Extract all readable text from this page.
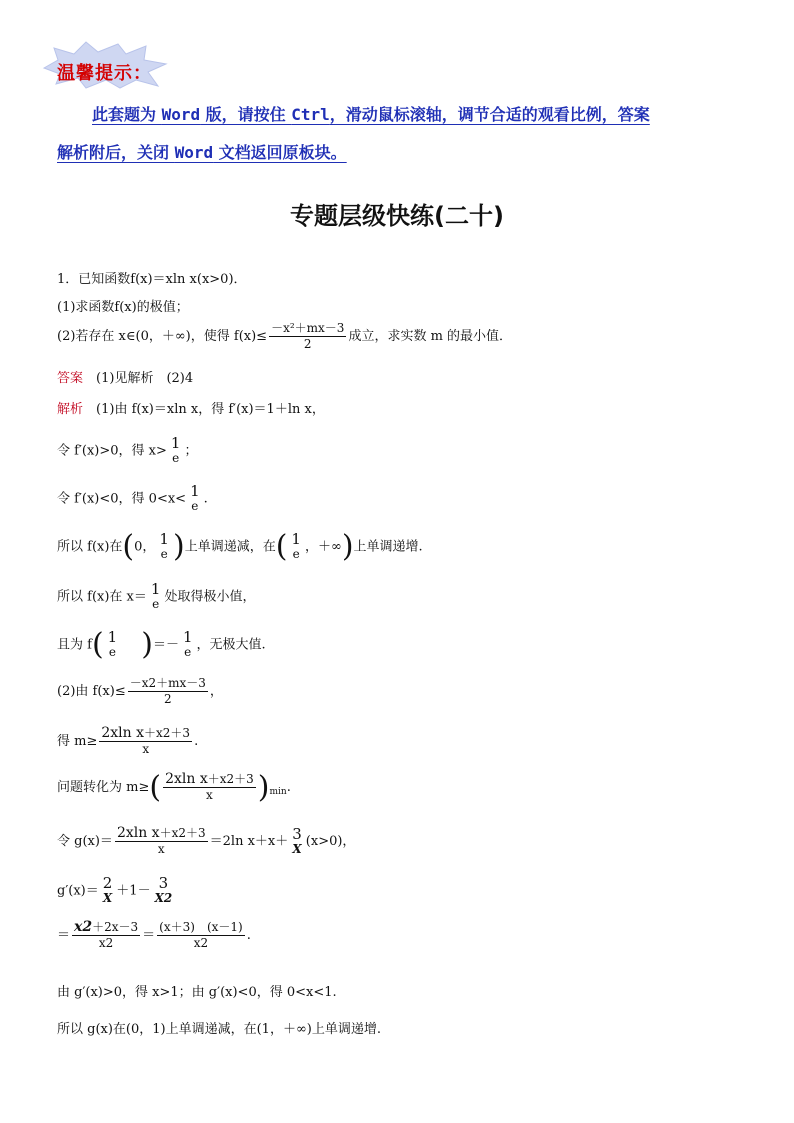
温馨提示：
此套题为 Word 版，请按住 Ctrl，滑动鼠标滚轴，调节合适的观看比例，答案
解析附后，关闭 Word 文档返回原板块。
专题层级快练(二十)
1．已知函数f(x)＝xln x(x>0)．
(1)求函数f(x)的极值；
(2)若存在 x∈(0，＋∞)，使得 $f(x)\le \frac{\text{－x²＋mx－3}}{2}$ 成立，求实数 m 的最小值．
答案　 (1)见解析　(2)4
解析　 (1)由 f(x)＝xln x，得 f′(x)＝1＋ln x，
令 f′(x)>0，得 x> 1
e ；
令 f′(x)<0，得 0<x< 1
e .
所以 f(x)在(0， 1
e )上单调递减，在( 1
e ，＋∞)上单调递增.
所以 f(x)在 x＝ 1
e 处取得极小值，
且为 f( 1
e )＝－ 1
e ，无极大值.
(2)由 $f(x)\le \frac{-x2+mx-3}{2}$ ，
得 $m\ge \frac{\text{2xln x＋x2＋3}}{x}$ .
问题转化为 $m\ge( \frac{\text{2xln x＋x2＋3}}{x} )_{min}$.
令 $g(x)= \frac{\text{2xln x＋x2＋3}}{x} =2\ln$ x＋x＋ 3
X (x>0)，
g′(x)＝ 2
X ＋1－ 3
X2
＝ $\frac{x2+2x-3}{x2} = \frac{(x+3) (x-1)}{x2}$ .
由 g′(x)>0，得 x>1；由 g′(x)<0，得 0<x<1.
所以 g(x)在(0，1)上单调递减，在(1，＋∞)上单调递增.
